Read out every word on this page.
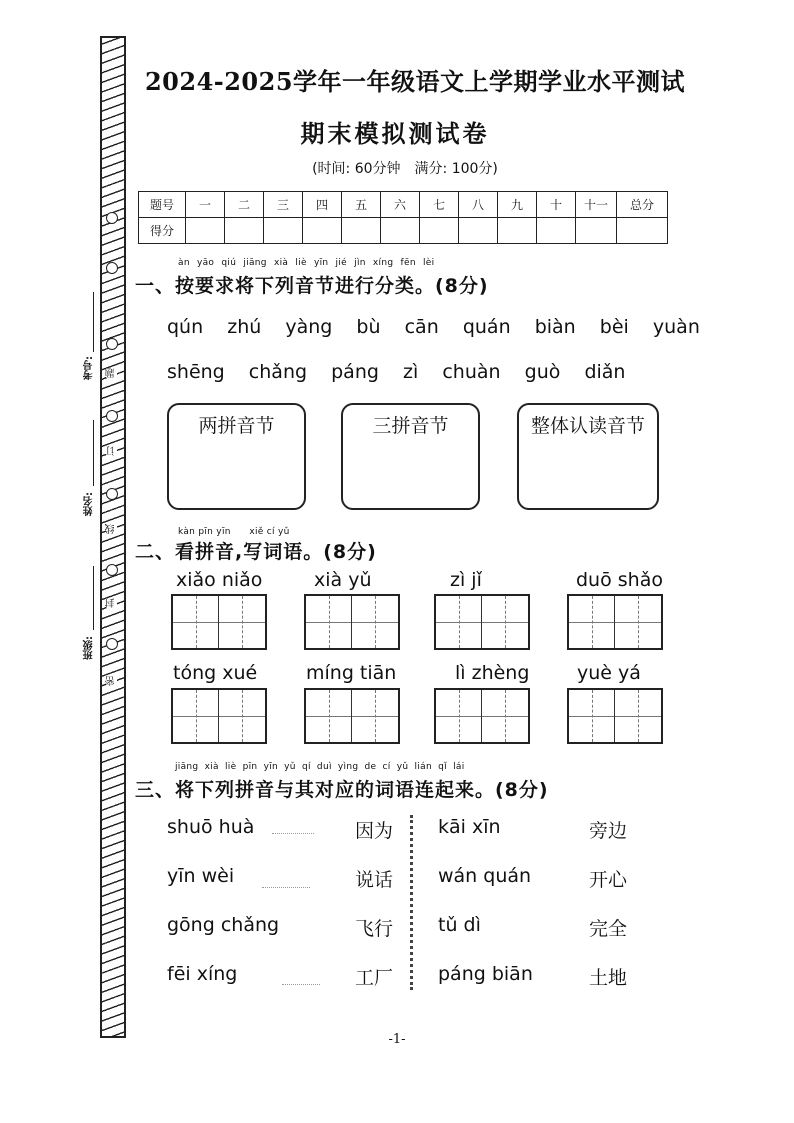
题
订
线
封
密
考号:
姓名:
班级:
2024-2025学年一年级语文上学期学业水平测试
期末模拟测试卷
(时间: 60分钟　满分: 100分)
题号	一	二	三	四	五	六	七	八	九	十	十一	总分
得分												
àn yāo qiú jiāng xià liè yīn jié jìn xíng fēn lèi
一、按要求将下列音节进行分类。(8分)
qún  zhú  yàng  bù  cān  quán  biàn  bèi  yuàn
shēng  chǎng  páng  zì  chuàn  guò  diǎn
两拼音节	三拼音节	整体认读音节
kàn pīn yīn　　xiě cí yǔ
二、看拼音,写词语。(8分)
xiǎo niǎo	xià yǔ	zì jǐ	duō shǎo
tóng xué	míng tiān	lì zhèng	yuè yá
jiāng xià liè pīn yīn yǔ qí duì yìng de cí yǔ lián qǐ lái
三、将下列拼音与其对应的词语连起来。(8分)
shuō huà
yīn wèi
gōng chǎng
fēi xíng
因为
说话
飞行
工厂
kāi xīn
wán quán
tǔ dì
páng biān
旁边
开心
完全
土地
-1-
